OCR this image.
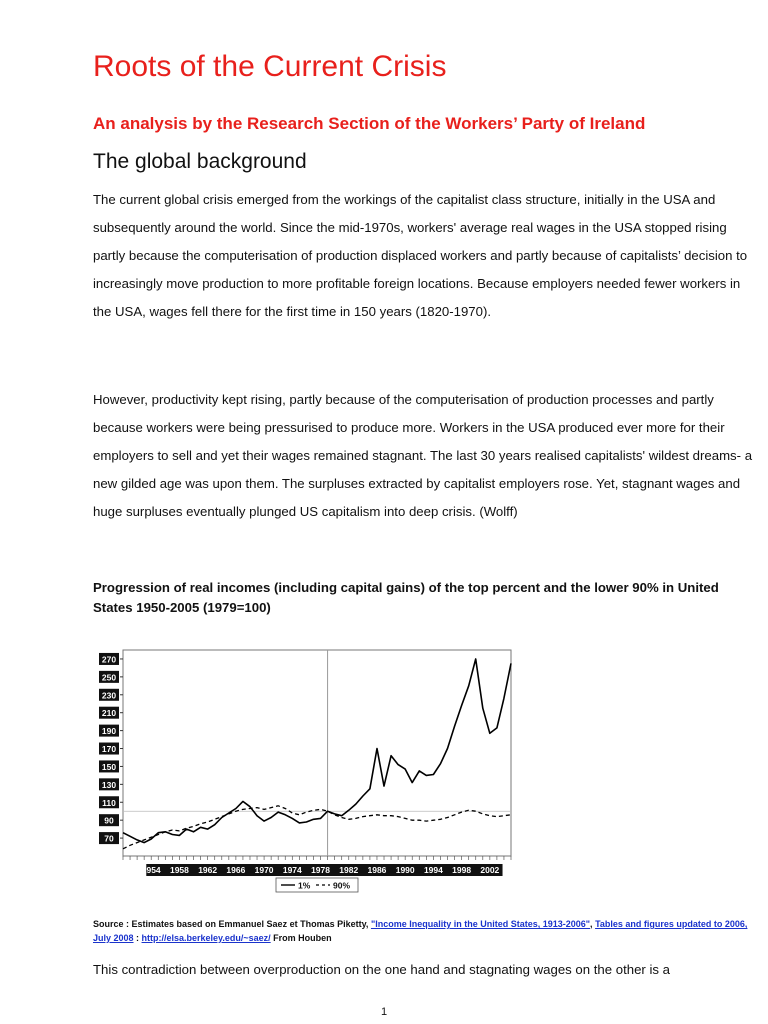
Roots of the Current Crisis
An analysis by the Research Section of the Workers’ Party of Ireland
The global background

The current global crisis emerged from the workings of the capitalist class structure, initially in the USA and subsequently around the world. Since the mid-1970s, workers' average real wages in the USA stopped rising partly because the computerisation of production displaced workers and partly because of capitalists’ decision to increasingly move production to more profitable foreign locations. Because employers needed fewer workers in the USA, wages fell there for the first time in 150 years (1820-1970).

However, productivity kept rising, partly because of the computerisation of production processes and partly because workers were being pressurised to produce more. Workers in the USA produced ever more for their employers to sell and yet their wages remained stagnant. The last 30 years realised capitalists' wildest dreams- a new gilded age was upon them. The surpluses extracted by capitalist employers rose. Yet, stagnant wages and huge surpluses eventually plunged US capitalism into deep crisis. (Wolff)

Progression of real incomes (including capital gains) of the top percent and the lower 90% in United States 1950-2005 (1979=100)

70
90
110
130
150
170
190
210
230
250
270
1954 1958 1962 1966 1970 1974 1978 1982 1986 1990 1994 1998 2002
1%	90%

Source : Estimates based on Emmanuel Saez et Thomas Piketty, "Income Inequality in the United States, 1913-2006", Tables and figures updated to 2006, July 2008 : http://elsa.berkeley.edu/~saez/ From Houben

This contradiction between overproduction on the one hand and stagnating wages on the other is a

1
